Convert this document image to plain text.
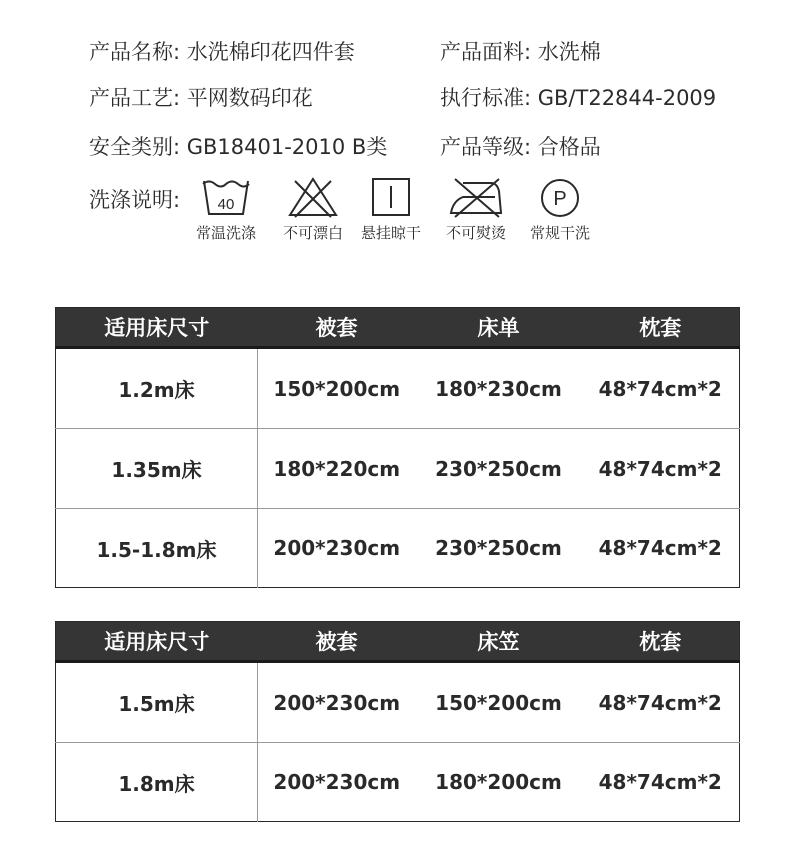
产品名称: 水洗棉印花四件套	产品面料: 水洗棉
产品工艺: 平网数码印花	执行标准: GB/T22844-2009
安全类别: GB18401-2010 B类	产品等级: 合格品
洗涤说明:	40
常温洗涤	不可漂白	悬挂晾干	不可熨烫
P
常规干洗
适用床尺寸	被套	床单	枕套
1.2m床	150*200cm	180*230cm	48*74cm*2
1.35m床	180*220cm	230*250cm	48*74cm*2
1.5-1.8m床	200*230cm	230*250cm	48*74cm*2
适用床尺寸	被套	床笠	枕套
1.5m床	200*230cm	150*200cm	48*74cm*2
1.8m床	200*230cm	180*200cm	48*74cm*2
